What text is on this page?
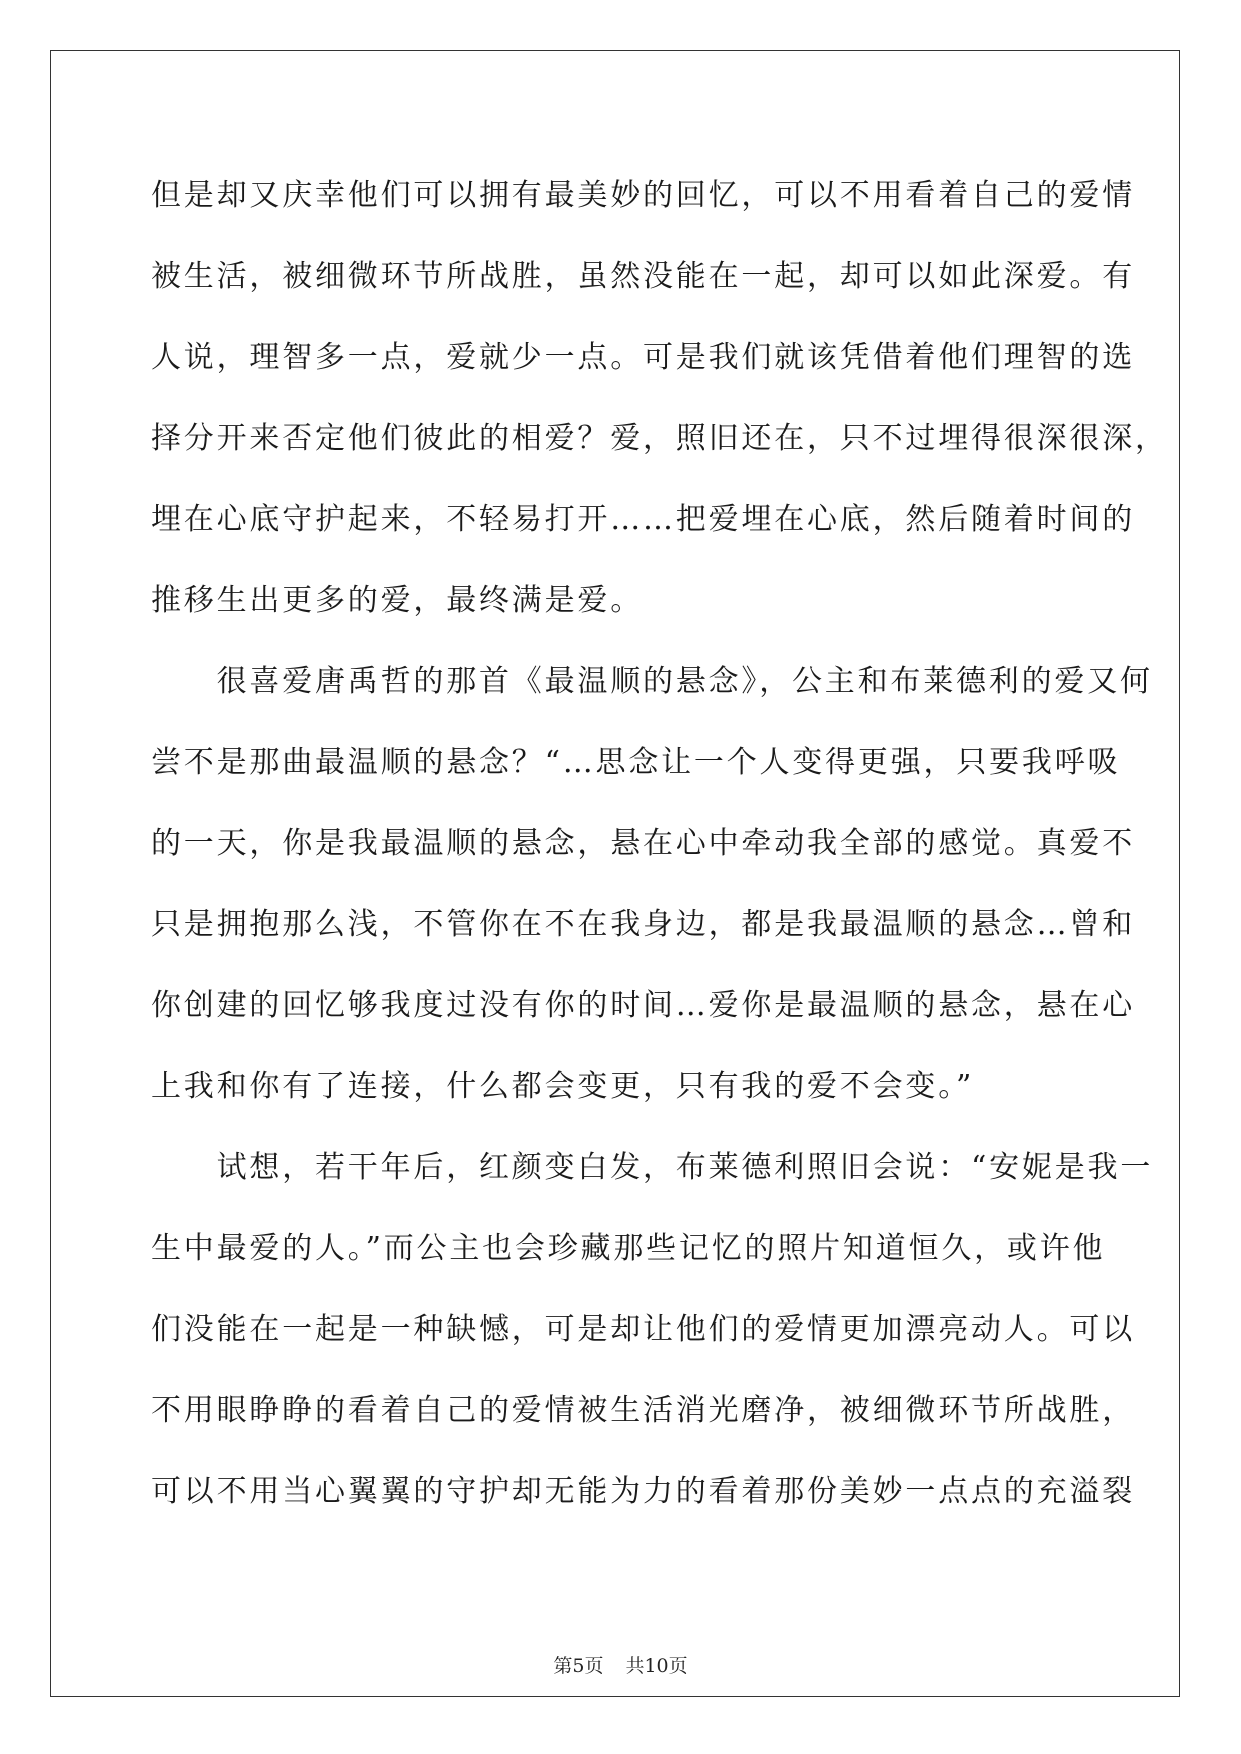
但是却又庆幸他们可以拥有最美妙的回忆，可以不用看着自己的爱情
被生活，被细微环节所战胜，虽然没能在一起，却可以如此深爱。有
人说，理智多一点，爱就少一点。可是我们就该凭借着他们理智的选
择分开来否定他们彼此的相爱？爱，照旧还在，只不过埋得很深很深，
埋在心底守护起来，不轻易打开……把爱埋在心底，然后随着时间的
推移生出更多的爱，最终满是爱。
　　很喜爱唐禹哲的那首《最温顺的悬念》，公主和布莱德利的爱又何
尝不是那曲最温顺的悬念？“…思念让一个人变得更强，只要我呼吸
的一天，你是我最温顺的悬念，悬在心中牵动我全部的感觉。真爱不
只是拥抱那么浅，不管你在不在我身边，都是我最温顺的悬念…曾和
你创建的回忆够我度过没有你的时间…爱你是最温顺的悬念，悬在心
上我和你有了连接，什么都会变更，只有我的爱不会变。”
　　试想，若干年后，红颜变白发，布莱德利照旧会说：“安妮是我一
生中最爱的人。”而公主也会珍藏那些记忆的照片知道恒久，或许他
们没能在一起是一种缺憾，可是却让他们的爱情更加漂亮动人。可以
不用眼睁睁的看着自己的爱情被生活消光磨净，被细微环节所战胜，
可以不用当心翼翼的守护却无能为力的看着那份美妙一点点的充溢裂
第5页 共10页
